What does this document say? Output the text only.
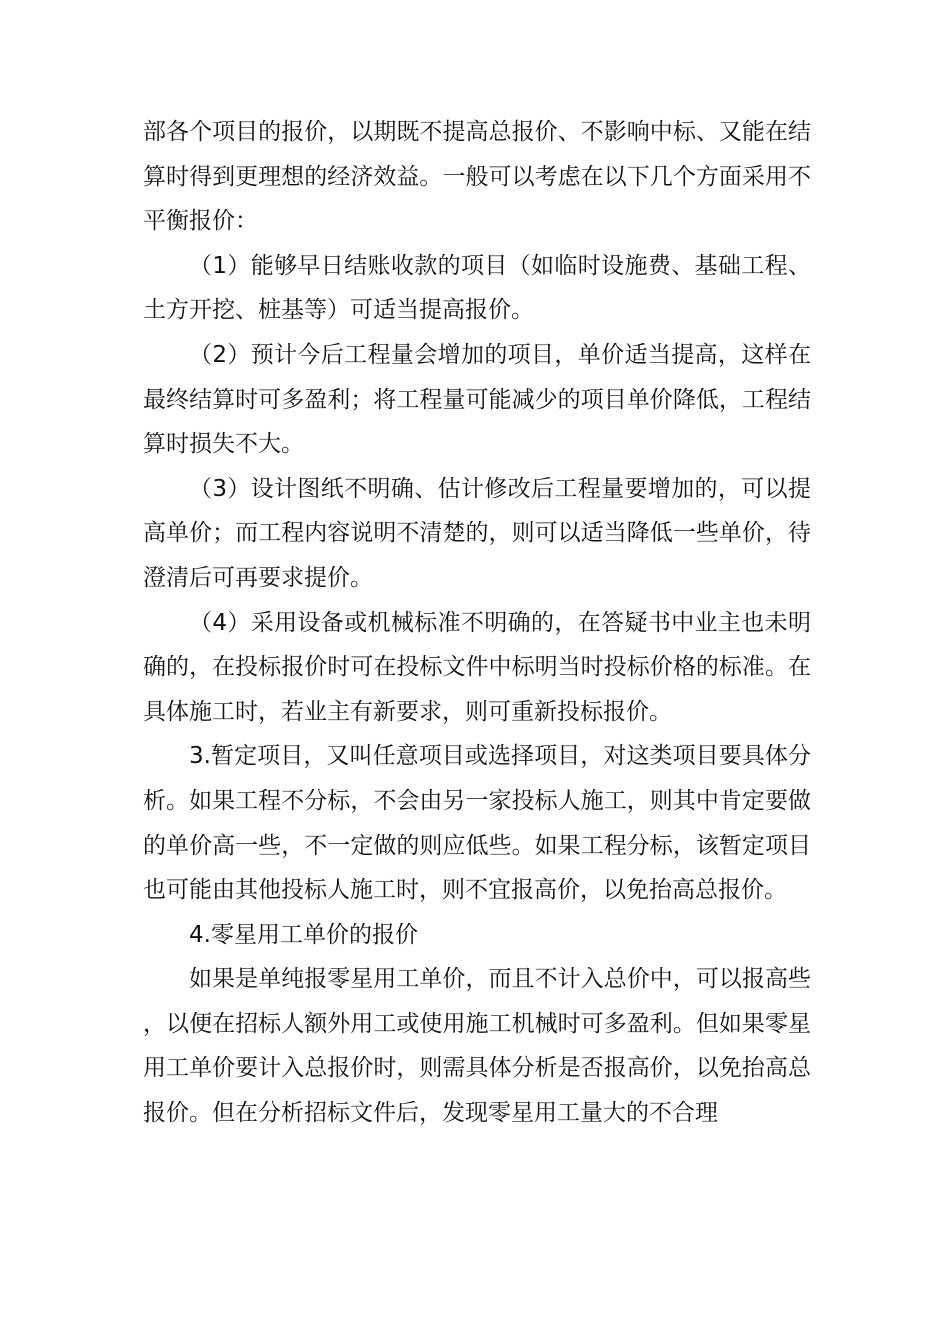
部各个项目的报价，以期既不提高总报价、不影响中标、又能在结算时得到更理想的经济效益。一般可以考虑在以下几个方面采用不平衡报价：

（1）能够早日结账收款的项目（如临时设施费、基础工程、土方开挖、桩基等）可适当提高报价。

（2）预计今后工程量会增加的项目，单价适当提高，这样在最终结算时可多盈利；将工程量可能减少的项目单价降低，工程结算时损失不大。

（3）设计图纸不明确、估计修改后工程量要增加的，可以提高单价；而工程内容说明不清楚的，则可以适当降低一些单价，待澄清后可再要求提价。

（4）采用设备或机械标准不明确的，在答疑书中业主也未明确的，在投标报价时可在投标文件中标明当时投标价格的标准。在具体施工时，若业主有新要求，则可重新投标报价。

3.暂定项目，又叫任意项目或选择项目，对这类项目要具体分析。如果工程不分标，不会由另一家投标人施工，则其中肯定要做的单价高一些，不一定做的则应低些。如果工程分标，该暂定项目也可能由其他投标人施工时，则不宜报高价，以免抬高总报价。

4.零星用工单价的报价

如果是单纯报零星用工单价，而且不计入总价中，可以报高些，以便在招标人额外用工或使用施工机械时可多盈利。但如果零星用工单价要计入总报价时，则需具体分析是否报高价，以免抬高总报价。但在分析招标文件后，发现零星用工量大的不合理
